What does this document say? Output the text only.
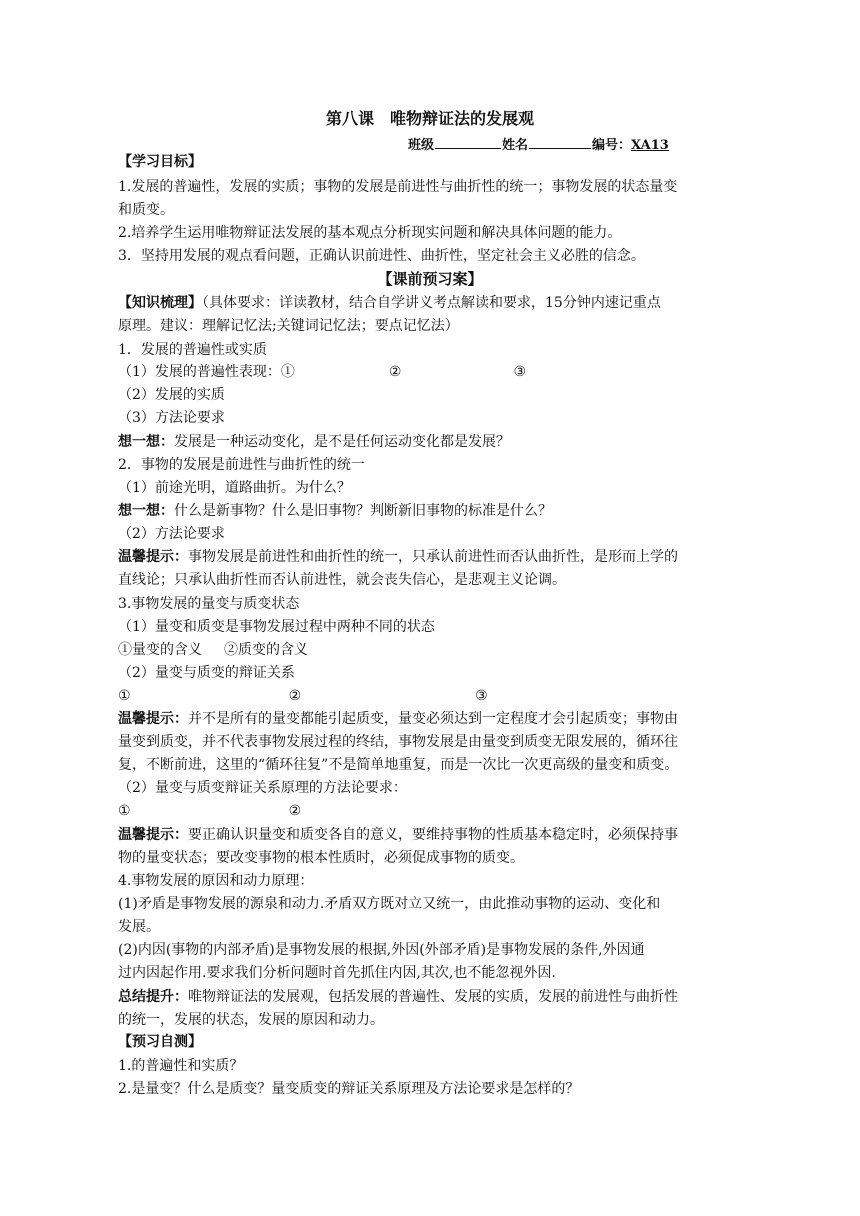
第八课　唯物辩证法的发展观
班级	姓名	编号：XA13
【学习目标】
1.发展的普遍性，发展的实质；事物的发展是前进性与曲折性的统一；事物发展的状态量变
和质变。
2.培养学生运用唯物辩证法发展的基本观点分析现实问题和解决具体问题的能力。
3．坚持用发展的观点看问题，正确认识前进性、曲折性，坚定社会主义必胜的信念。
【课前预习案】
【知识梳理】（具体要求：详读教材，结合自学讲义考点解读和要求，15分钟内速记重点
原理。建议：理解记忆法;关键词记忆法；要点记忆法）
1．发展的普遍性或实质
（1）发展的普遍性表现：①	②	③
（2）发展的实质
（3）方法论要求
想一想：发展是一种运动变化，是不是任何运动变化都是发展？
2．事物的发展是前进性与曲折性的统一
（1）前途光明，道路曲折。为什么？
想一想：什么是新事物？什么是旧事物？判断新旧事物的标准是什么？
（2）方法论要求
温馨提示：事物发展是前进性和曲折性的统一，只承认前进性而否认曲折性，是形而上学的
直线论；只承认曲折性而否认前进性，就会丧失信心，是悲观主义论调。
3.事物发展的量变与质变状态
（1）量变和质变是事物发展过程中两种不同的状态
①量变的含义 ②质变的含义
（2）量变与质变的辩证关系
①	②	③
温馨提示：并不是所有的量变都能引起质变，量变必须达到一定程度才会引起质变；事物由
量变到质变，并不代表事物发展过程的终结，事物发展是由量变到质变无限发展的，循环往
复，不断前进，这里的“循环往复”不是简单地重复，而是一次比一次更高级的量变和质变。
（2）量变与质变辩证关系原理的方法论要求：
①	②
温馨提示：要正确认识量变和质变各自的意义，要维持事物的性质基本稳定时，必须保持事
物的量变状态；要改变事物的根本性质时，必须促成事物的质变。
4.事物发展的原因和动力原理：
(1)矛盾是事物发展的源泉和动力.矛盾双方既对立又统一，由此推动事物的运动、变化和
发展。
(2)内因(事物的内部矛盾)是事物发展的根据,外因(外部矛盾)是事物发展的条件,外因通
过内因起作用.要求我们分析问题时首先抓住内因,其次,也不能忽视外因.
总结提升：唯物辩证法的发展观，包括发展的普遍性、发展的实质，发展的前进性与曲折性
的统一，发展的状态，发展的原因和动力。
【预习自测】
1.的普遍性和实质？
2.是量变？什么是质变？量变质变的辩证关系原理及方法论要求是怎样的？
